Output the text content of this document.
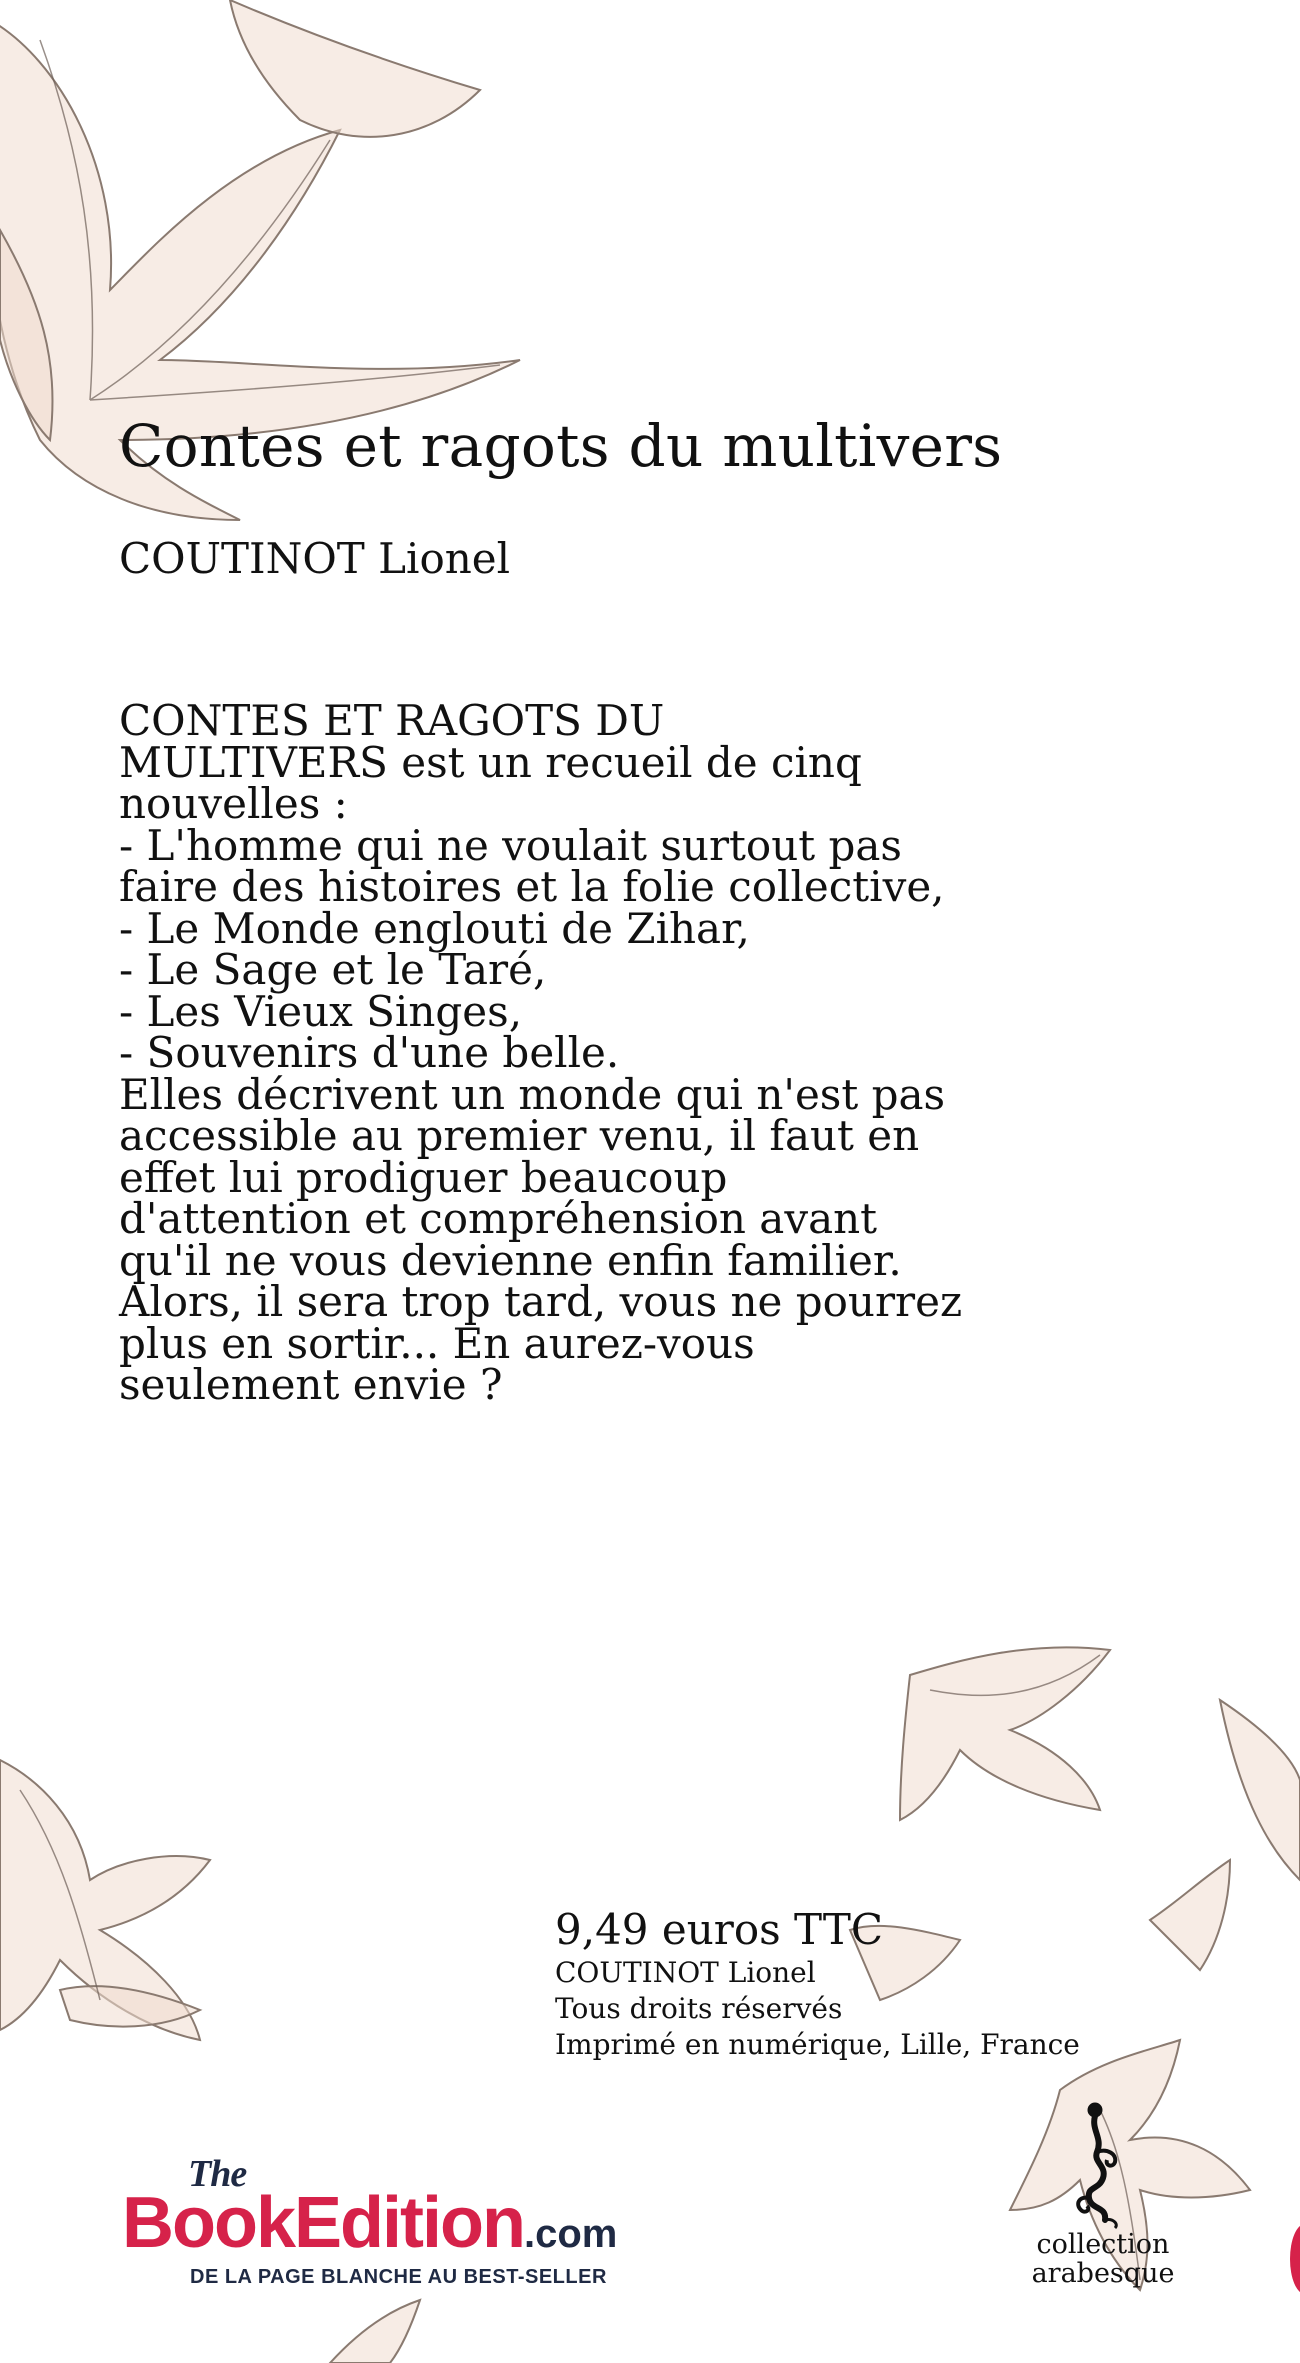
Contes et ragots du multivers
COUTINOT Lionel
CONTES ET RAGOTS DU
MULTIVERS est un recueil de cinq
nouvelles :
- L'homme qui ne voulait surtout pas
faire des histoires et la folie collective,
- Le Monde englouti de Zihar,
- Le Sage et le Taré,
- Les Vieux Singes,
- Souvenirs d'une belle.
Elles décrivent un monde qui n'est pas
accessible au premier venu, il faut en
effet lui prodiguer beaucoup
d'attention et compréhension avant
qu'il ne vous devienne enfin familier.
Alors, il sera trop tard, vous ne pourrez
plus en sortir... En aurez-vous
seulement envie ?
9,49 euros TTC
COUTINOT Lionel
Tous droits réservés
Imprimé en numérique, Lille, France
The
BookEdition.com
DE LA PAGE BLANCHE AU BEST-SELLER
collection
arabesque
